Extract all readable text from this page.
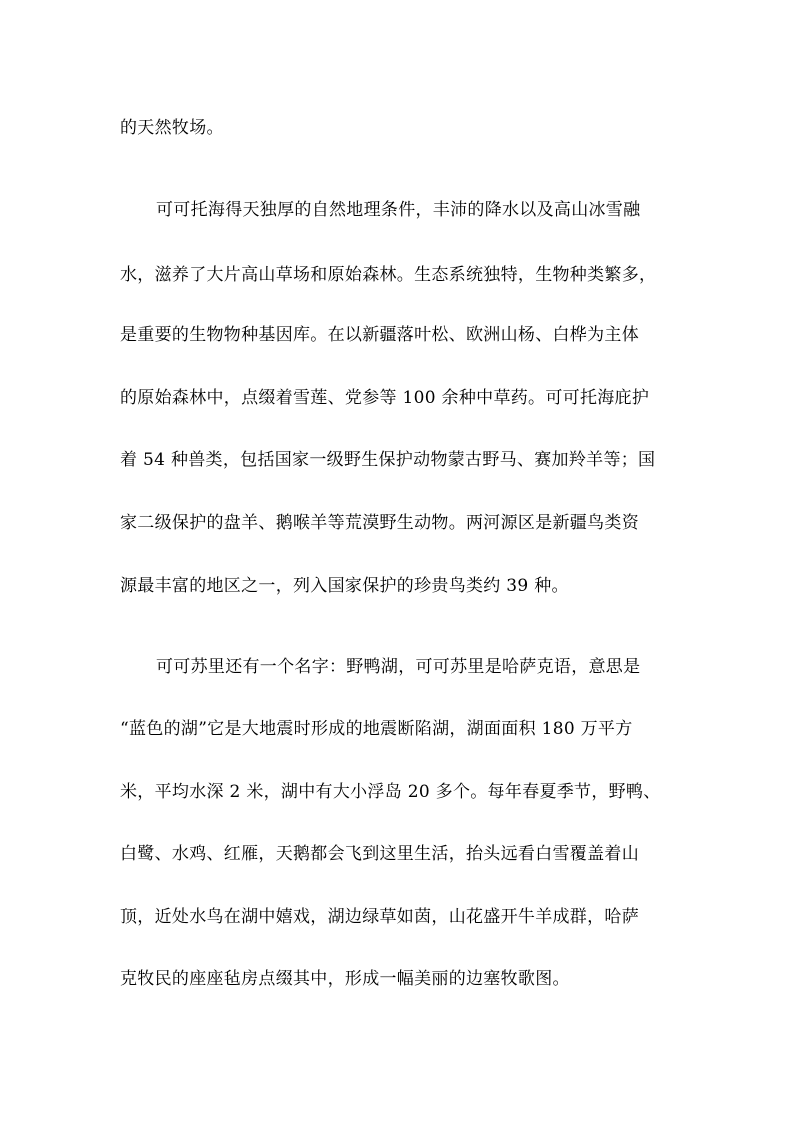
的天然牧场。
可可托海得天独厚的自然地理条件，丰沛的降水以及高山冰雪融
水，滋养了大片高山草场和原始森林。生态系统独特，生物种类繁多，
是重要的生物物种基因库。在以新疆落叶松、欧洲山杨、白桦为主体
的原始森林中，点缀着雪莲、党参等 100 余种中草药。可可托海庇护
着 54 种兽类，包括国家一级野生保护动物蒙古野马、赛加羚羊等；国
家二级保护的盘羊、鹅喉羊等荒漠野生动物。两河源区是新疆鸟类资
源最丰富的地区之一，列入国家保护的珍贵鸟类约 39 种。
可可苏里还有一个名字：野鸭湖，可可苏里是哈萨克语，意思是
“蓝色的湖”它是大地震时形成的地震断陷湖，湖面面积 180 万平方
米，平均水深 2 米，湖中有大小浮岛 20 多个。每年春夏季节，野鸭、
白鹭、水鸡、红雁，天鹅都会飞到这里生活，抬头远看白雪覆盖着山
顶，近处水鸟在湖中嬉戏，湖边绿草如茵，山花盛开牛羊成群，哈萨
克牧民的座座毡房点缀其中，形成一幅美丽的边塞牧歌图。
